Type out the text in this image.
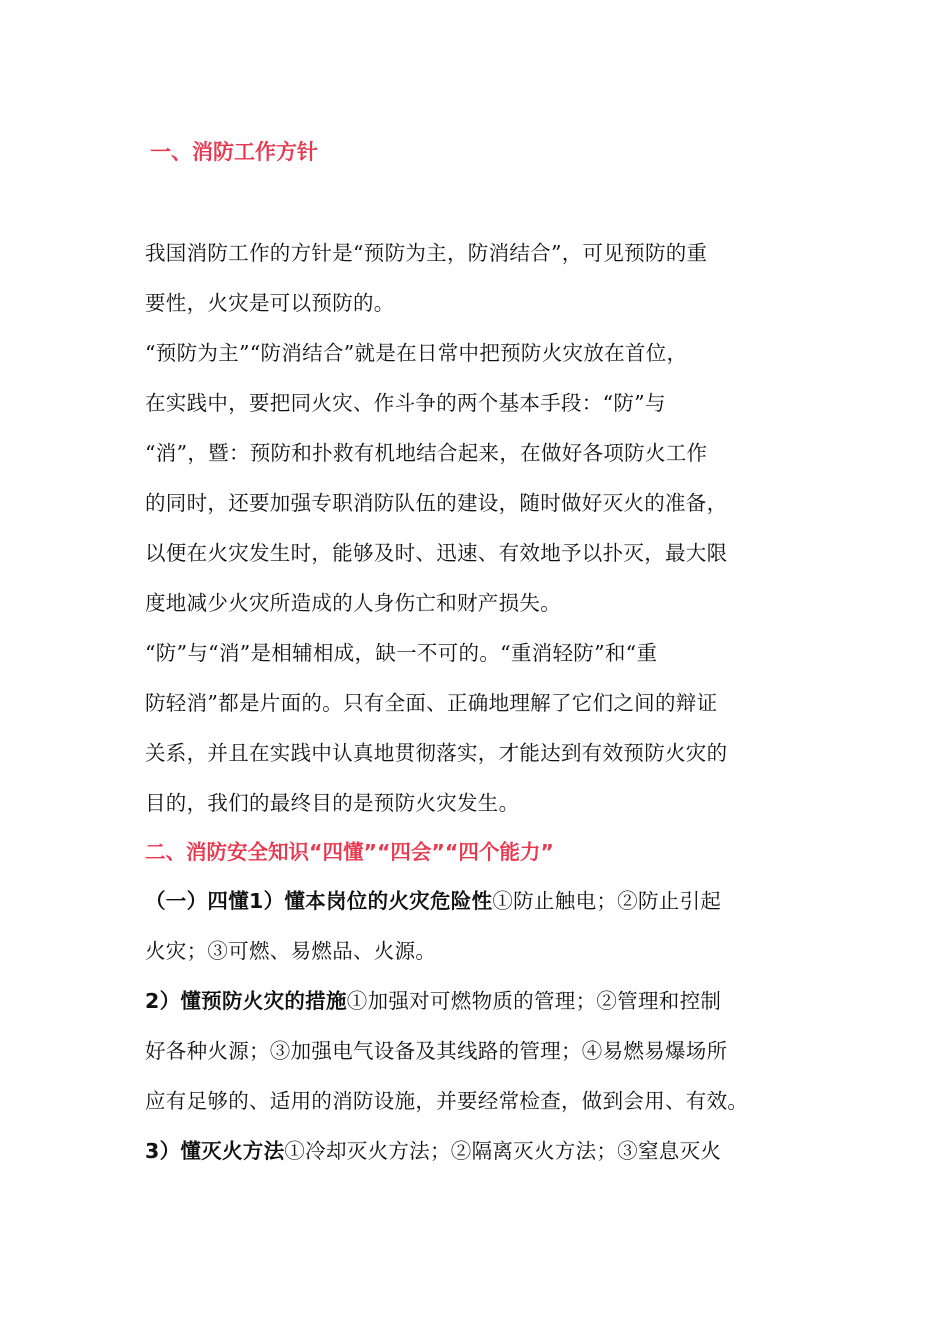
一、消防工作方针
我国消防工作的方针是“预防为主，防消结合”，可见预防的重
要性，火灾是可以预防的。
“预防为主”“防消结合”就是在日常中把预防火灾放在首位，
在实践中，要把同火灾、作斗争的两个基本手段：“防”与
“消”，暨：预防和扑救有机地结合起来，在做好各项防火工作
的同时，还要加强专职消防队伍的建设，随时做好灭火的准备，
以便在火灾发生时，能够及时、迅速、有效地予以扑灭，最大限
度地减少火灾所造成的人身伤亡和财产损失。
“防”与“消”是相辅相成，缺一不可的。“重消轻防”和“重
防轻消”都是片面的。只有全面、正确地理解了它们之间的辩证
关系，并且在实践中认真地贯彻落实，才能达到有效预防火灾的
目的，我们的最终目的是预防火灾发生。
二、消防安全知识“四懂”“四会”“四个能力”
（一）四懂1）懂本岗位的火灾危险性①防止触电；②防止引起
火灾；③可燃、易燃品、火源。
2）懂预防火灾的措施①加强对可燃物质的管理；②管理和控制
好各种火源；③加强电气设备及其线路的管理；④易燃易爆场所
应有足够的、适用的消防设施，并要经常检查，做到会用、有效。
3）懂灭火方法①冷却灭火方法；②隔离灭火方法；③窒息灭火
